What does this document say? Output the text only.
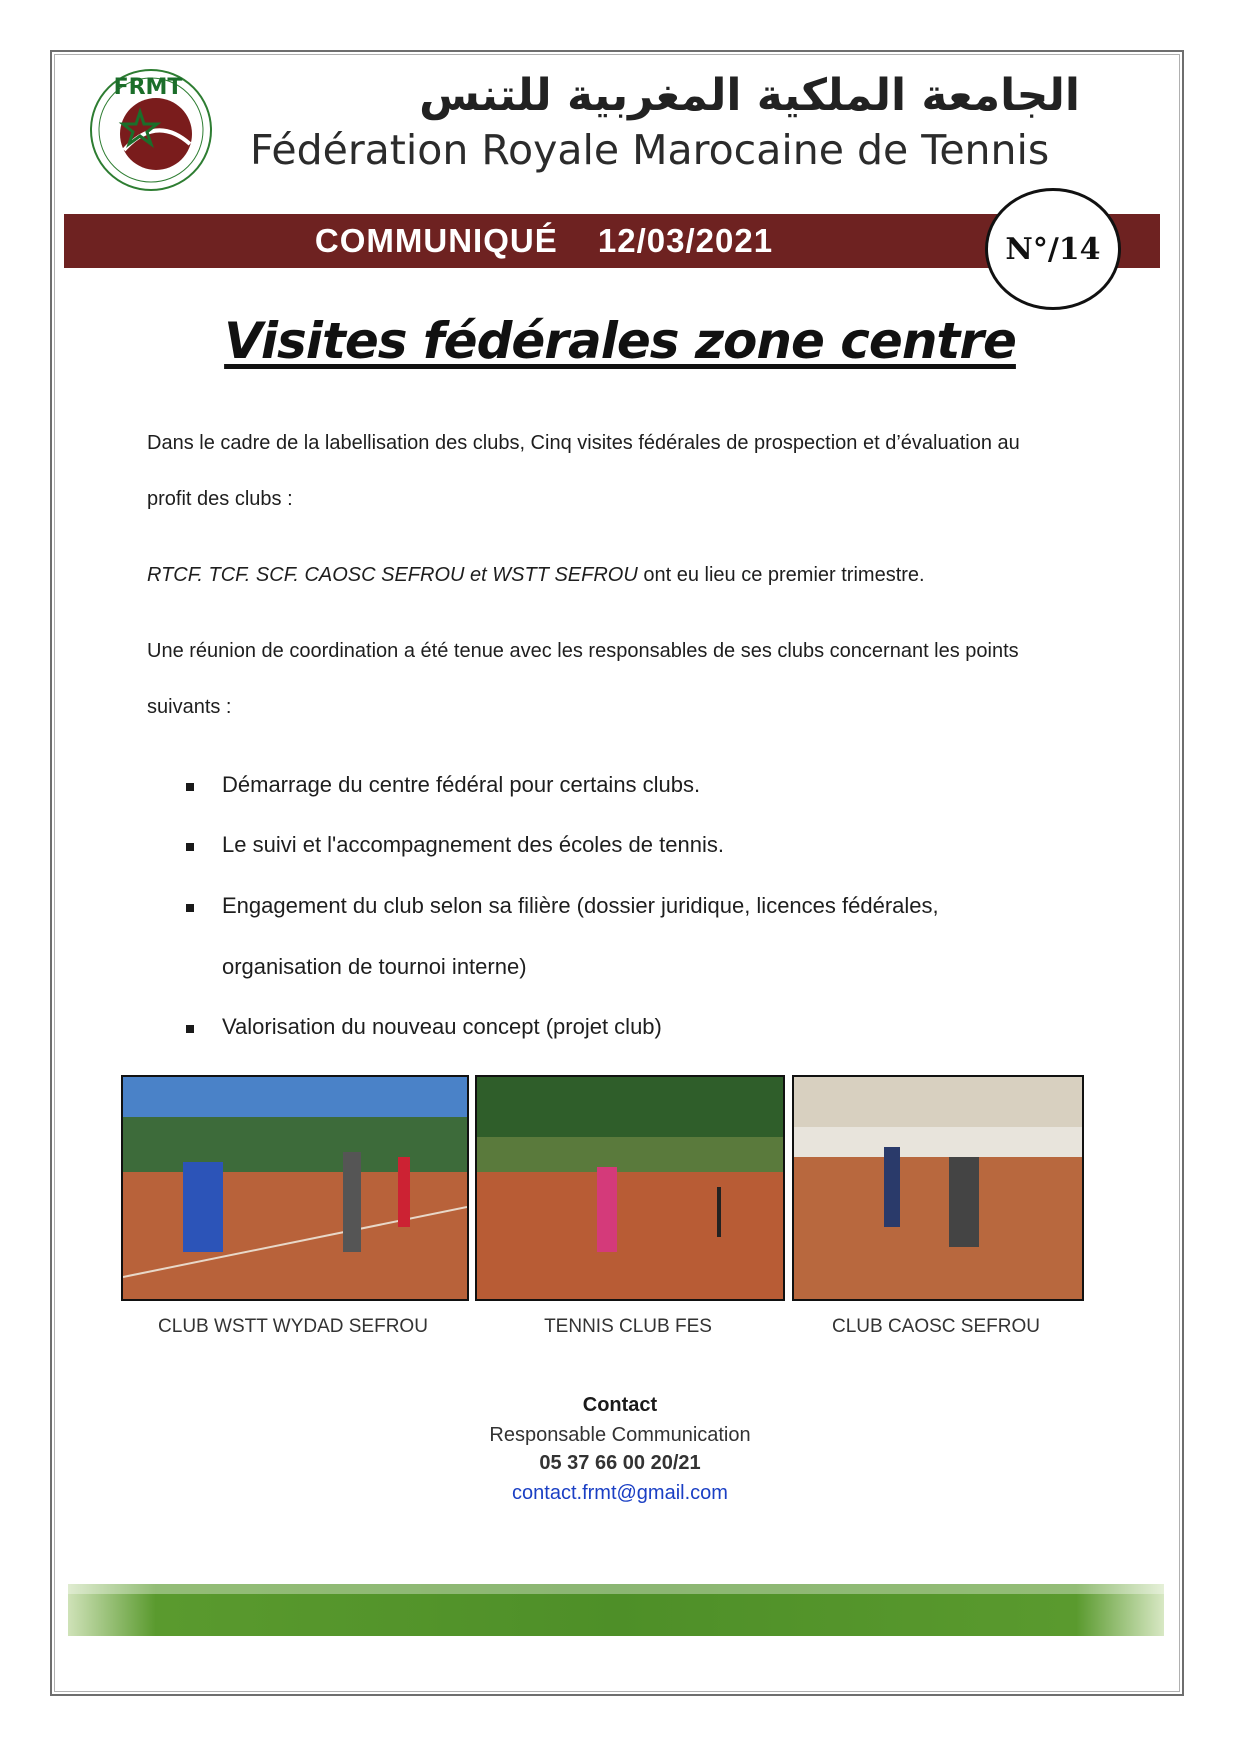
FRMT	الجامعة الملكية المغربية للتنس
Fédération Royale Marocaine de Tennis
COMMUNIQUÉ 12/03/2021	N°/14
Visites fédérales zone centre
Dans le cadre de la labellisation des clubs, Cinq visites fédérales de prospection et d’évaluation au
profit des clubs :
RTCF. TCF. SCF. CAOSC SEFROU et WSTT SEFROU ont eu lieu ce premier trimestre.
Une réunion de coordination a été tenue avec les responsables de ses clubs concernant les points
suivants :
Démarrage du centre fédéral pour certains clubs.
Le suivi et l'accompagnement des écoles de tennis.
Engagement du club selon sa filière (dossier juridique, licences fédérales,
organisation de tournoi interne)
Valorisation du nouveau concept (projet club)
CLUB WSTT WYDAD SEFROU	TENNIS CLUB FES	CLUB CAOSC SEFROU
Contact
Responsable Communication
05 37 66 00 20/21
contact.frmt@gmail.com
